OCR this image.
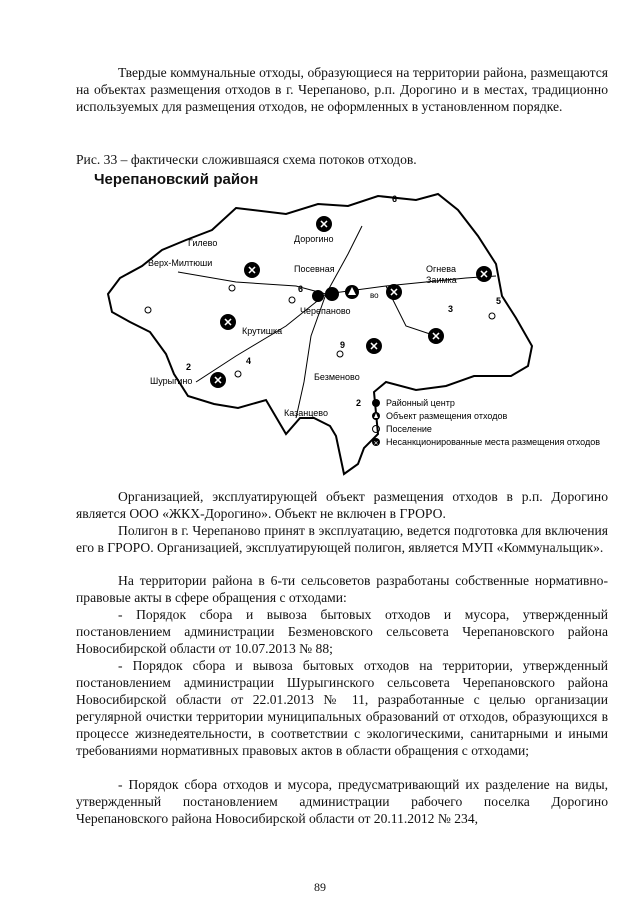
Твердые коммунальные отходы, образующиеся на территории района, размещаются на объектах размещения отходов в г. Черепаново, р.п. Дорогино и в местах, традиционно используемых для размещения отходов, не оформленных в установленном порядке.

Рис. 33 – фактически сложившаяся схема потоков отходов.

Черепановский район

✕
✕	✕
✕
✕
✕
✕
✕
Дорогино
Гилево
Верх-Милтюши
Посевная	Огнева
Заимка
Черепаново
во
Крутишка
Шурыгино	Безменово
Казанцево
6
6
5
3
9
2
4
2	Районный центр
Объект размещения отходов
Поселение
✕ Несанкционированные места размещения отходов

Организацией, эксплуатирующей объект размещения отходов в р.п. Дорогино является ООО «ЖКХ-Дорогино». Объект не включен в ГРОРО.

Полигон в г. Черепаново принят в эксплуатацию, ведется подготовка для включения его в ГРОРО. Организацией, эксплуатирующей полигон, является МУП «Коммунальщик».

На территории района в 6-ти сельсоветов разработаны собственные нормативно-правовые акты в сфере обращения с отходами:

- Порядок сбора и вывоза бытовых отходов и мусора, утвержденный постановлением администрации Безменовского сельсовета Черепановского района Новосибирской области от 10.07.2013 № 88;

- Порядок сбора и вывоза бытовых отходов на территории, утвержденный постановлением администрации Шурыгинского сельсовета Черепановского района Новосибирской области от 22.01.2013 № 11, разработанные с целью организации регулярной очистки территории муниципальных образований от отходов, образующихся в процессе жизнедеятельности, в соответствии с экологическими, санитарными и иными требованиями нормативных правовых актов в области обращения с отходами;

- Порядок сбора отходов и мусора, предусматривающий их разделение на виды, утвержденный постановлением администрации рабочего поселка Дорогино Черепановского района Новосибирской области от 20.11.2012 № 234,

89
